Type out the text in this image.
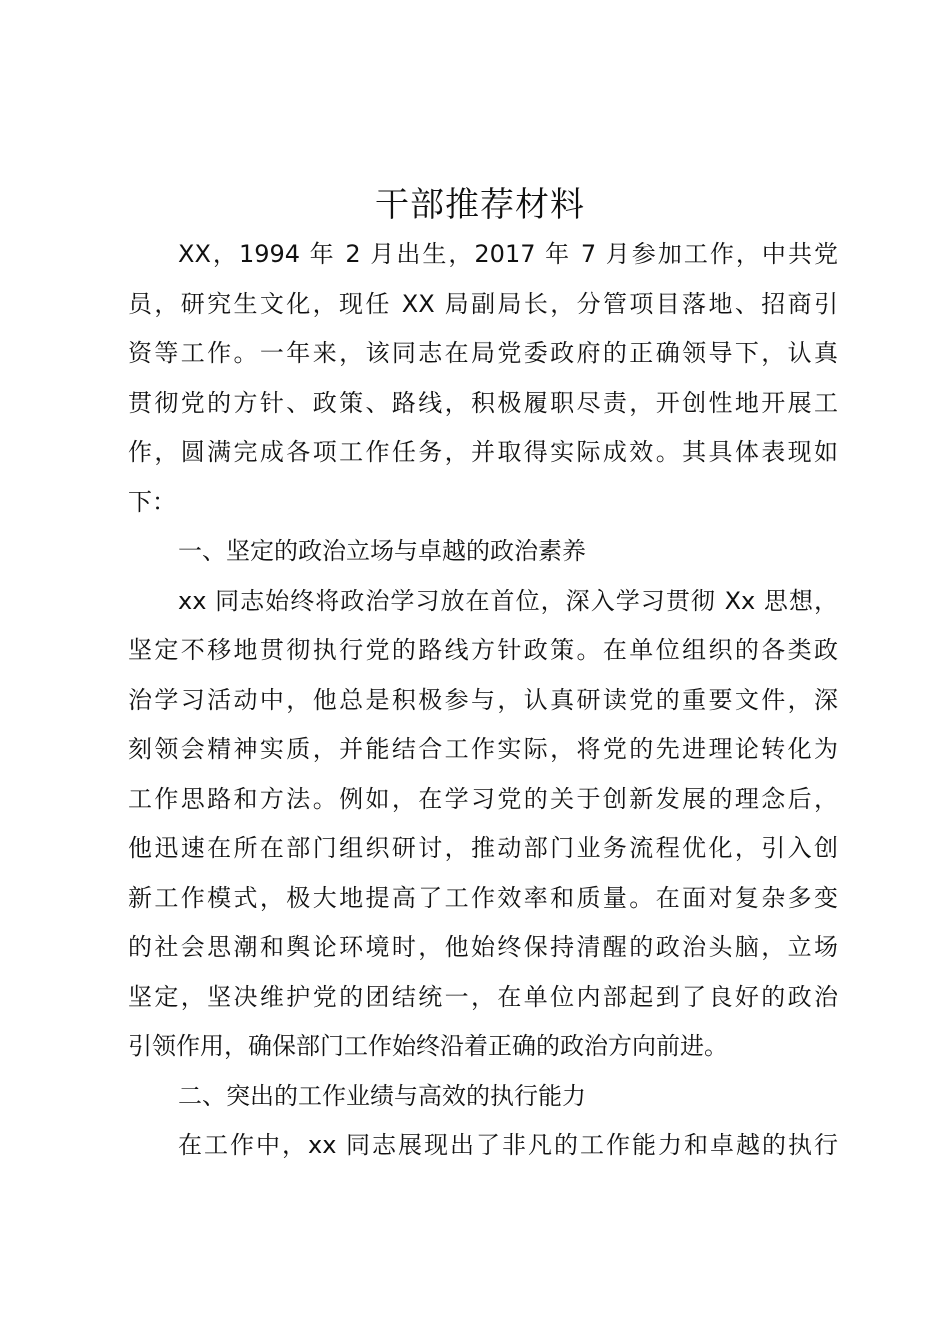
干部推荐材料
XX，1994 年 2 月出生，2017 年 7 月参加工作，中共党
员，研究生文化，现任 XX 局副局长，分管项目落地、招商引
资等工作。一年来，该同志在局党委政府的正确领导下，认真
贯彻党的方针、政策、路线，积极履职尽责，开创性地开展工
作，圆满完成各项工作任务，并取得实际成效。其具体表现如
下：
一、坚定的政治立场与卓越的政治素养
xx 同志始终将政治学习放在首位，深入学习贯彻 Xx 思想，
坚定不移地贯彻执行党的路线方针政策。在单位组织的各类政
治学习活动中，他总是积极参与，认真研读党的重要文件，深
刻领会精神实质，并能结合工作实际，将党的先进理论转化为
工作思路和方法。例如，在学习党的关于创新发展的理念后，
他迅速在所在部门组织研讨，推动部门业务流程优化，引入创
新工作模式，极大地提高了工作效率和质量。在面对复杂多变
的社会思潮和舆论环境时，他始终保持清醒的政治头脑，立场
坚定，坚决维护党的团结统一，在单位内部起到了良好的政治
引领作用，确保部门工作始终沿着正确的政治方向前进。
二、突出的工作业绩与高效的执行能力
在工作中，xx 同志展现出了非凡的工作能力和卓越的执行
